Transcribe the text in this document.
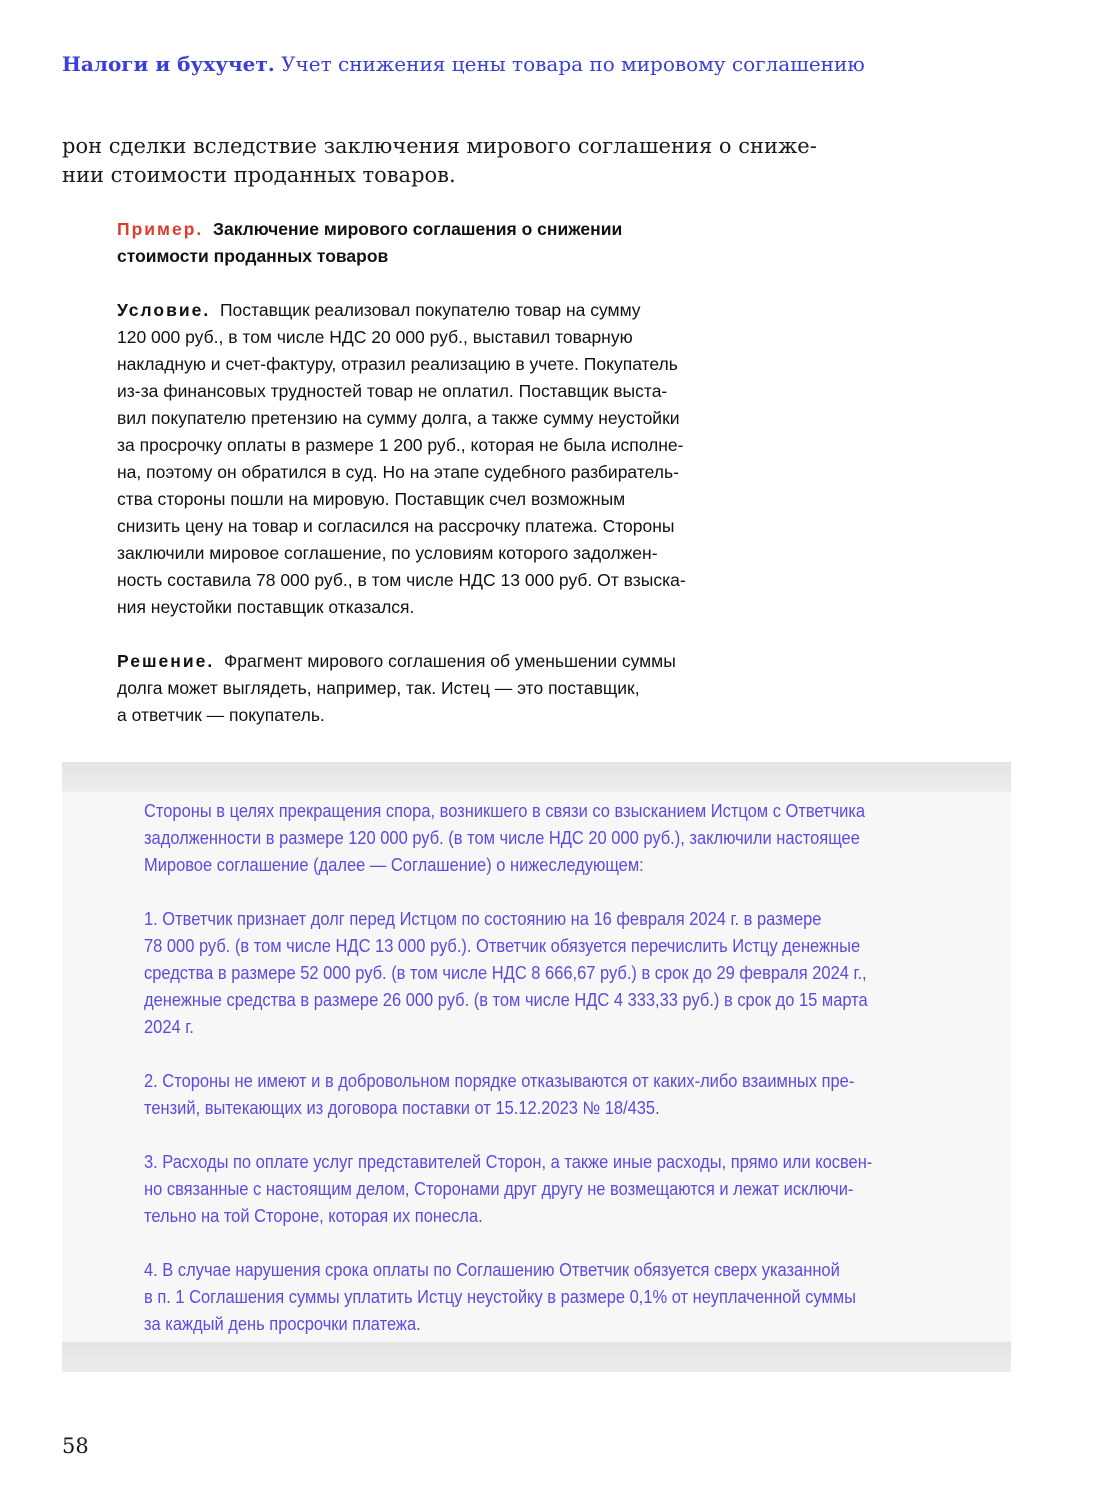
Налоги и бухучет. Учет снижения цены товара по мировому соглашению

рон сделки вследствие заключения мирового соглашения о сниже-

нии стоимости проданных товаров.

Пример. Заключение мирового соглашения о снижении

стоимости проданных товаров

Условие. Поставщик реализовал покупателю товар на сумму

120 000 руб., в том числе НДС 20 000 руб., выставил товарную

накладную и счет-фактуру, отразил реализацию в учете. Покупатель

из-за финансовых трудностей товар не оплатил. Поставщик выста-

вил покупателю претензию на сумму долга, а также сумму неустойки

за просрочку оплаты в размере 1 200 руб., которая не была исполне-

на, поэтому он обратился в суд. Но на этапе судебного разбиратель-

ства стороны пошли на мировую. Поставщик счел возможным

снизить цену на товар и согласился на рассрочку платежа. Стороны

заключили мировое соглашение, по условиям которого задолжен-

ность составила 78 000 руб., в том числе НДС 13 000 руб. От взыска-

ния неустойки поставщик отказался.

Решение. Фрагмент мирового соглашения об уменьшении суммы

долга может выглядеть, например, так. Истец — это поставщик,

а ответчик — покупатель.

Стороны в целях прекращения спора, возникшего в связи со взысканием Истцом с Ответчика

задолженности в размере 120 000 руб. (в том числе НДС 20 000 руб.), заключили настоящее

Мировое соглашение (далее — Соглашение) о нижеследующем:

1. Ответчик признает долг перед Истцом по состоянию на 16 февраля 2024 г. в размере

78 000 руб. (в том числе НДС 13 000 руб.). Ответчик обязуется перечислить Истцу денежные

средства в размере 52 000 руб. (в том числе НДС 8 666,67 руб.) в срок до 29 февраля 2024 г.,

денежные средства в размере 26 000 руб. (в том числе НДС 4 333,33 руб.) в срок до 15 марта

2024 г.

2. Стороны не имеют и в добровольном порядке отказываются от каких-либо взаимных пре-

тензий, вытекающих из договора поставки от 15.12.2023 № 18/435.

3. Расходы по оплате услуг представителей Сторон, а также иные расходы, прямо или косвен-

но связанные с настоящим делом, Сторонами друг другу не возмещаются и лежат исключи-

тельно на той Стороне, которая их понесла.

4. В случае нарушения срока оплаты по Соглашению Ответчик обязуется сверх указанной

в п. 1 Соглашения суммы уплатить Истцу неустойку в размере 0,1% от неуплаченной суммы

за каждый день просрочки платежа.

58
